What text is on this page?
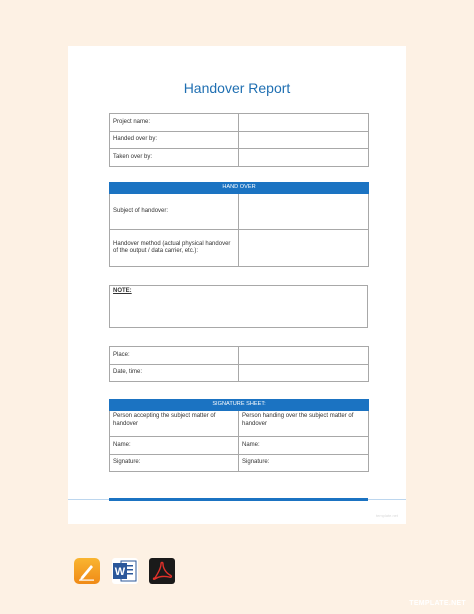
Handover Report
Project name:	
Handed over by:	
Taken over by:	
HAND OVER	
Subject of handover:	
Handover method (actual physical handover of the output / data carrier, etc.):	
NOTE:
Place:	
Date, time:	
SIGNATURE SHEET:	
Person accepting the subject matter of handover	Person handing over the subject matter of handover
Name:	Name:
Signature:	Signature:
template.net
W
TEMPLATE.NET
